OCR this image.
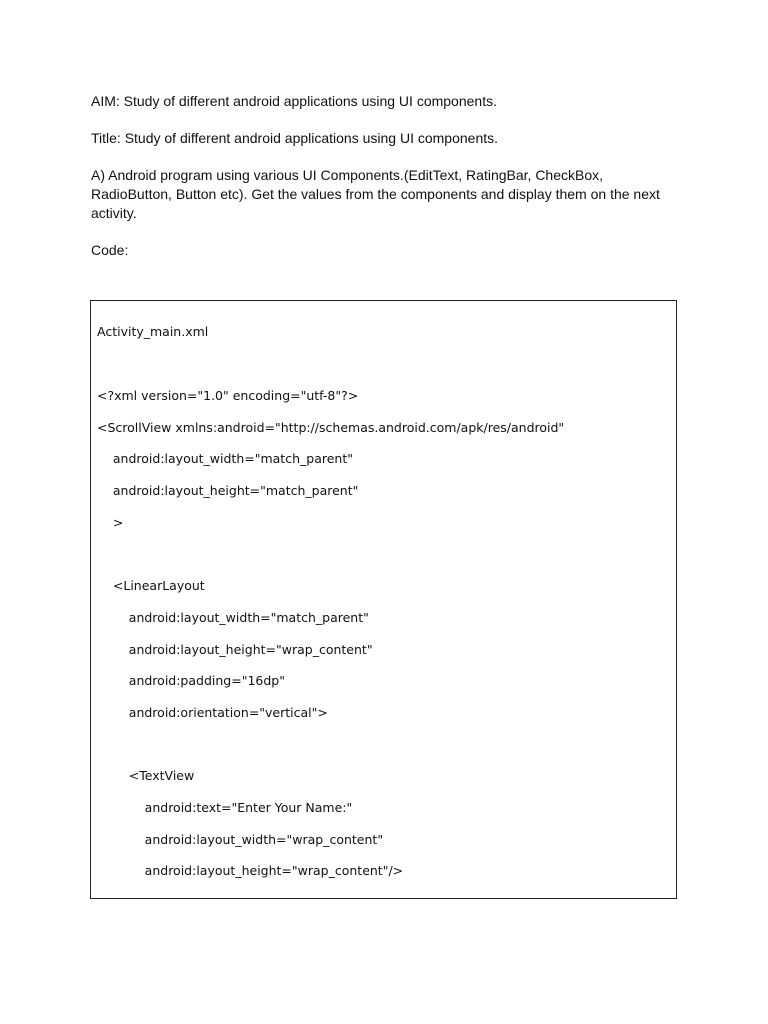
AIM: Study of different android applications using UI components.

Title: Study of different android applications using UI components.

A) Android program using various UI Components.(EditText, RatingBar, CheckBox, RadioButton, Button etc). Get the values from the components and display them on the next activity.

Code:

Activity_main.xml
<?xml version="1.0" encoding="utf-8"?>
<ScrollView xmlns:android="http://schemas.android.com/apk/res/android"
android:layout_width="match_parent"
android:layout_height="match_parent"
>
<LinearLayout
android:layout_width="match_parent"
android:layout_height="wrap_content"
android:padding="16dp"
android:orientation="vertical">
<TextView
android:text="Enter Your Name:"
android:layout_width="wrap_content"
android:layout_height="wrap_content"/>
